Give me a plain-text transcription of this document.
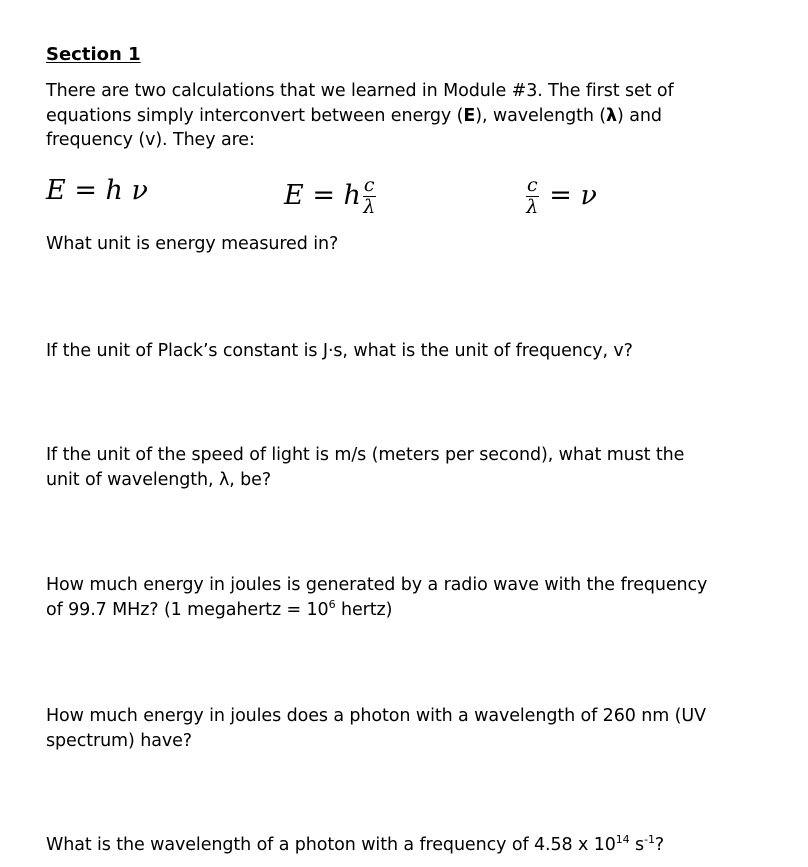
Section 1
There are two calculations that we learned in Module #3. The first set of
equations simply interconvert between energy (E), wavelength (λ) and
frequency (v). They are:
E = h ν	E = h $\frac{c}{\lambda}$	$\frac{c}{\lambda} = \nu$
What unit is energy measured in?
If the unit of Plack’s constant is J·s, what is the unit of frequency, v?
If the unit of the speed of light is m/s (meters per second), what must the
unit of wavelength, λ, be?
How much energy in joules is generated by a radio wave with the frequency
of 99.7 MHz? (1 megahertz = $10^6$ hertz)
How much energy in joules does a photon with a wavelength of 260 nm (UV
spectrum) have?
What is the wavelength of a photon with a frequency of 4.58 x $10^{14}$ $s^{-1}$?
